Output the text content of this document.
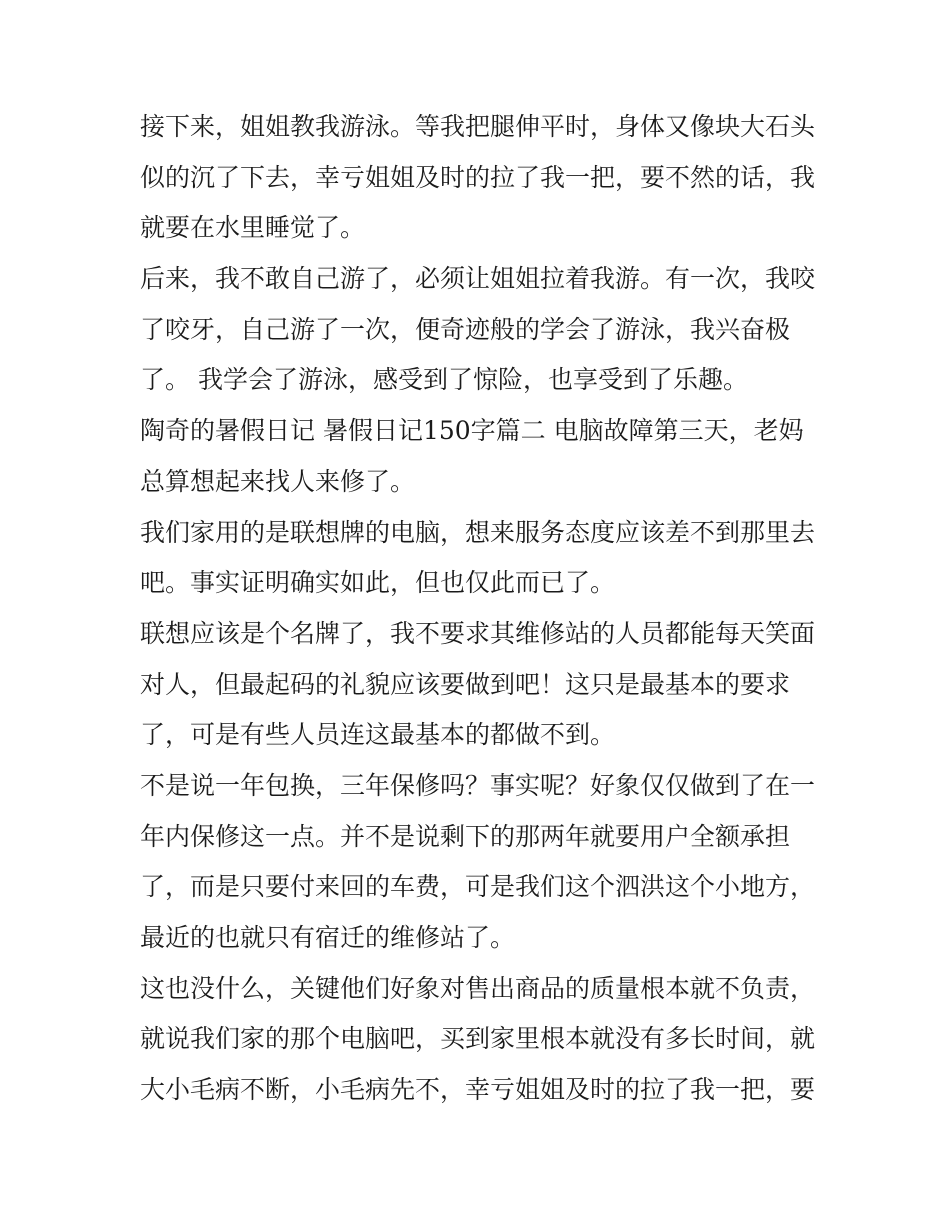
接下来，姐姐教我游泳。等我把腿伸平时，身体又像块大石头
似的沉了下去，幸亏姐姐及时的拉了我一把，要不然的话，我
就要在水里睡觉了。
后来，我不敢自己游了，必须让姐姐拉着我游。有一次，我咬
了咬牙，自己游了一次，便奇迹般的学会了游泳，我兴奋极
了。 我学会了游泳，感受到了惊险，也享受到了乐趣。
陶奇的暑假日记 暑假日记150字篇二 电脑故障第三天，老妈
总算想起来找人来修了。
我们家用的是联想牌的电脑，想来服务态度应该差不到那里去
吧。事实证明确实如此，但也仅此而已了。
联想应该是个名牌了，我不要求其维修站的人员都能每天笑面
对人，但最起码的礼貌应该要做到吧！这只是最基本的要求
了，可是有些人员连这最基本的都做不到。
不是说一年包换，三年保修吗？事实呢？好象仅仅做到了在一
年内保修这一点。并不是说剩下的那两年就要用户全额承担
了，而是只要付来回的车费，可是我们这个泗洪这个小地方，
最近的也就只有宿迁的维修站了。
这也没什么，关键他们好象对售出商品的质量根本就不负责，
就说我们家的那个电脑吧，买到家里根本就没有多长时间，就
大小毛病不断，小毛病先不，幸亏姐姐及时的拉了我一把，要
